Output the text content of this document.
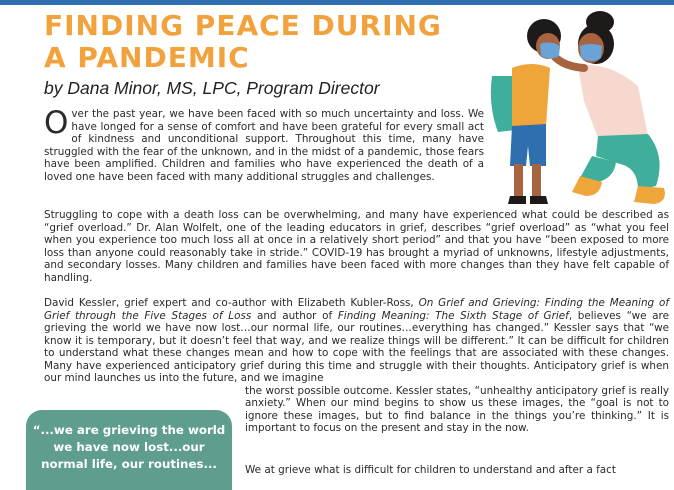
FINDING PEACE DURING
A PANDEMIC
by Dana Minor, MS, LPC, Program Director
Over the past year, we have been faced with so much uncertainty and loss. We have longed for a sense of comfort and have been grateful for every small act of kindness and unconditional support. Throughout this time, many have struggled with the fear of the unknown, and in the midst of a pandemic, those fears have been amplified. Children and families who have experienced the death of a loved one have been faced with many additional struggles and challenges.
Struggling to cope with a death loss can be overwhelming, and many have experienced what could be described as “grief overload.” Dr. Alan Wolfelt, one of the leading educators in grief, describes “grief overload” as “what you feel when you experience too much loss all at once in a relatively short period” and that you have “been exposed to more loss than anyone could reasonably take in stride.” COVID-19 has brought a myriad of unknowns, lifestyle adjustments, and secondary losses. Many children and families have been faced with more changes than they have felt capable of handling.
David Kessler, grief expert and co-author with Elizabeth Kubler-Ross, On Grief and Grieving: Finding the Meaning of Grief through the Five Stages of Loss and author of Finding Meaning: The Sixth Stage of Grief, believes “we are grieving the world we have now lost…our normal life, our routines…everything has changed.” Kessler says that “we know it is temporary, but it doesn’t feel that way, and we realize things will be different.” It can be difficult for children to understand what these changes mean and how to cope with the feelings that are associated with these changes. Many have experienced anticipatory grief during this time and struggle with their thoughts. Anticipatory grief is when our mind launches us into the future, and we imagine
the worst possible outcome. Kessler states, “unhealthy anticipatory grief is really anxiety.” When our mind begins to show us these images, the “goal is not to ignore these images, but to find balance in the things you’re thinking.” It is important to focus on the present and stay in the now.
We at grieve what is difficult for children to understand and after a fact
“...we are grieving the world
we have now lost...our
normal life, our routines...
